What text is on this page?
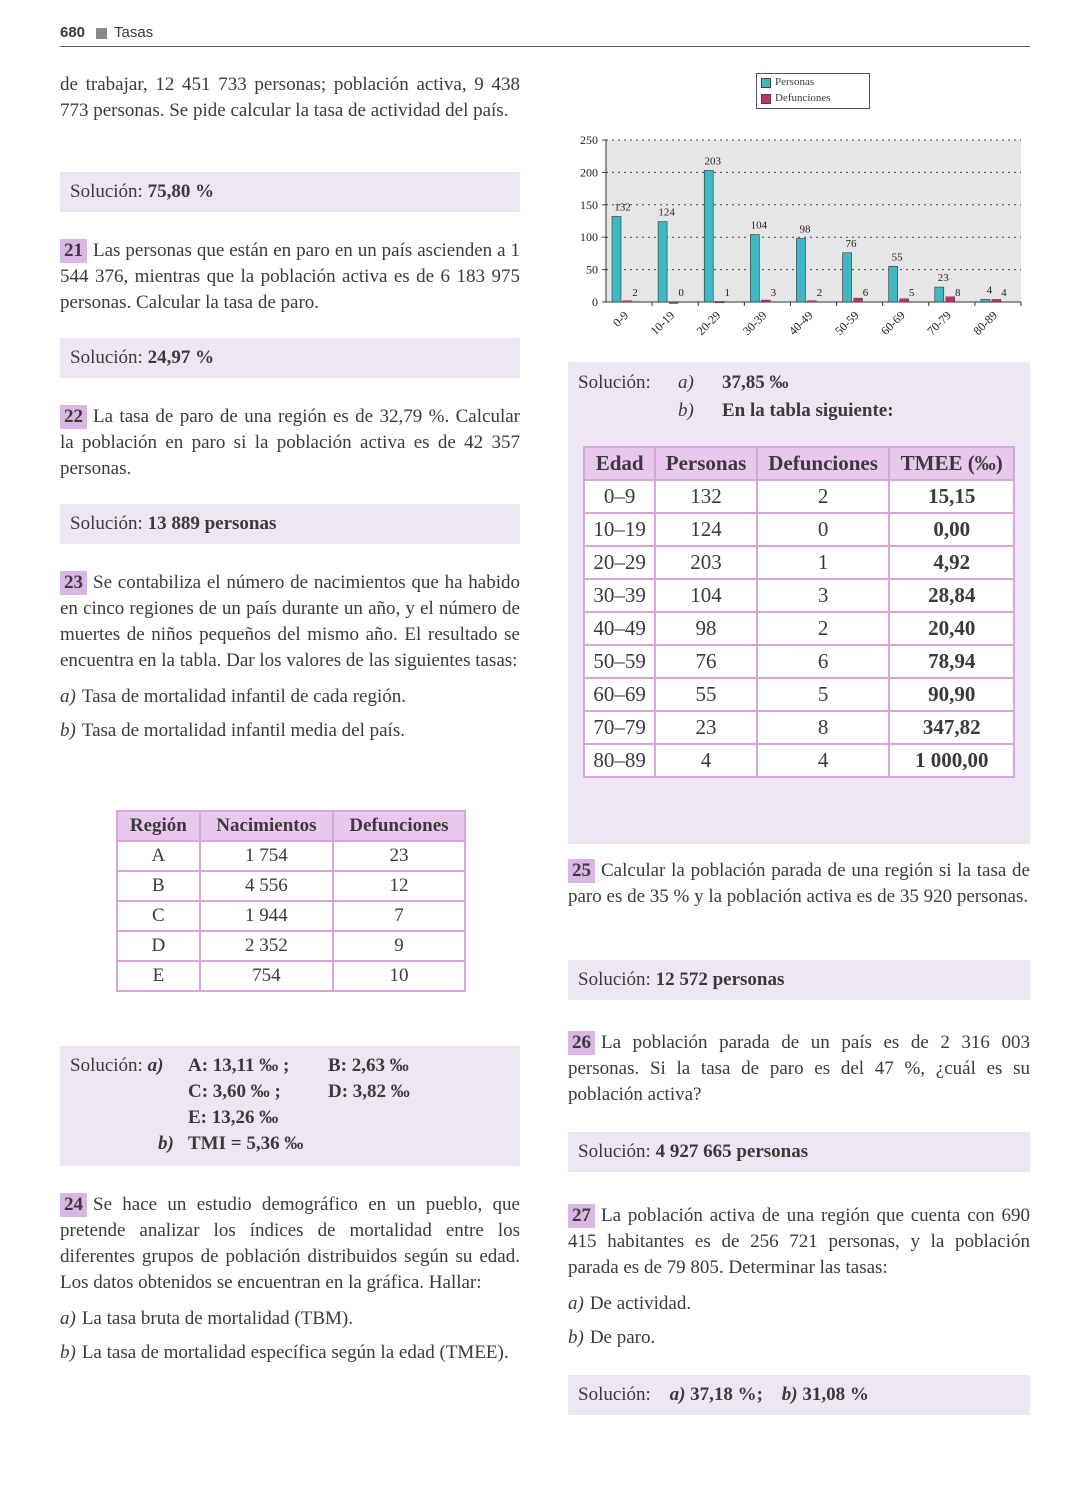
680 Tasas

de trabajar, 12 451 733 personas; población activa, 9 438 773 personas. Se pide calcular la tasa de actividad del país.

Solución: 75,80 %

21 Las personas que están en paro en un país ascienden a 1 544 376, mientras que la población activa es de 6 183 975 personas. Calcular la tasa de paro.

Solución: 24,97 %

22 La tasa de paro de una región es de 32,79 %. Calcular la población en paro si la población activa es de 42 357 personas.

Solución: 13 889 personas

23 Se contabiliza el número de nacimientos que ha habido en cinco regiones de un país durante un año, y el número de muertes de niños pequeños del mismo año. El resultado se encuentra en la tabla. Dar los valores de las siguientes tasas:

a) Tasa de mortalidad infantil de cada región.

b) Tasa de mortalidad infantil media del país.

Región	Nacimientos	Defunciones
A	1 754	23
B	4 556	12
C	1 944	7
D	2 352	9
E	754	10
Solución: a) A: 13,11 ‰ ; B: 2,63 ‰
C: 3,60 ‰ ; D: 3,82 ‰
E: 13,26 ‰
b) TMI = 5,36 ‰

24 Se hace un estudio demográfico en un pueblo, que pretende analizar los índices de mortalidad entre los diferentes grupos de población distribuidos según su edad. Los datos obtenidos se encuentran en la gráfica. Hallar:

a) La tasa bruta de mortalidad (TBM).

b) La tasa de mortalidad específica según la edad (TMEE).

Personas
Defunciones
0
50
100
150
200
250
132
2
0-9
124
0
10-19
203
1
20-29
104
3
30-39
98
2
40-49
76
6
50-59
55
5
60-69
23
8
70-79
4 4
80-89
Solución: a) 37,85 ‰
b) En la tabla siguiente:
Edad	Personas	Defunciones	TMEE (‰)
0–9	132	2	15,15
10–19	124	0	0,00
20–29	203	1	4,92
30–39	104	3	28,84
40–49	98	2	20,40
50–59	76	6	78,94
60–69	55	5	90,90
70–79	23	8	347,82
80–89	4	4	1 000,00

25 Calcular la población parada de una región si la tasa de paro es de 35 % y la población activa es de 35 920 personas.

Solución: 12 572 personas

26 La población parada de un país es de 2 316 003 personas. Si la tasa de paro es del 47 %, ¿cuál es su población activa?

Solución: 4 927 665 personas

27 La población activa de una región que cuenta con 690 415 habitantes es de 256 721 personas, y la población parada es de 79 805. Determinar las tasas:

a) De actividad.

b) De paro.

Solución: a) 37,18 %; b) 31,08 %
